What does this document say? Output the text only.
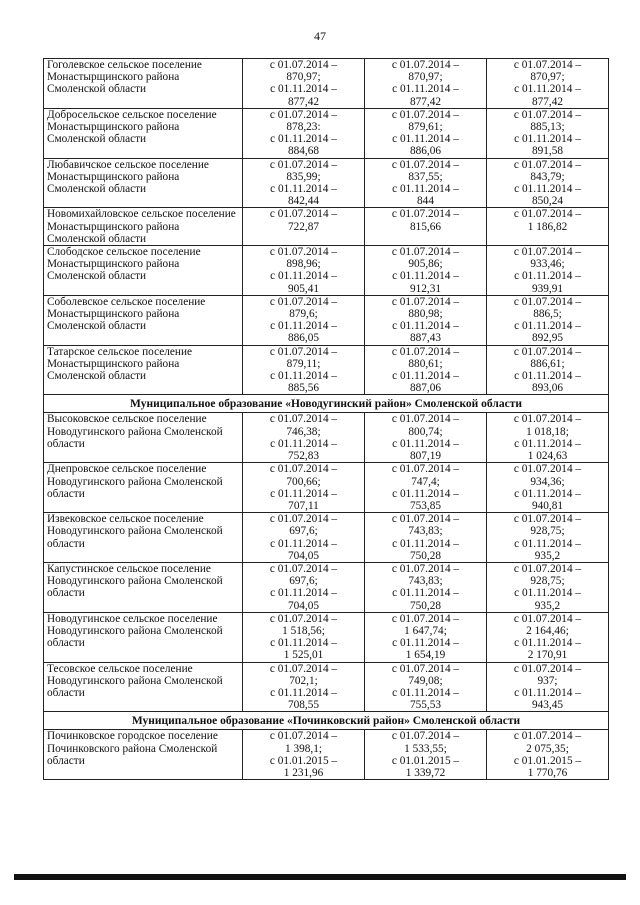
47
Гоголевское сельское поселение Монастырщинского района Смоленской области	с 01.07.2014 –
870,97;
с 01.11.2014 –
877,42	с 01.07.2014 –
870,97;
с 01.11.2014 –
877,42	с 01.07.2014 –
870,97;
с 01.11.2014 –
877,42

Добросельское сельское поселение Монастырщинского района Смоленской области	с 01.07.2014 –
878,23:
с 01.11.2014 –
884,68	с 01.07.2014 –
879,61;
с 01.11.2014 –
886,06	с 01.07.2014 –
885,13;
с 01.11.2014 –
891,58

Любавичское сельское поселение Монастырщинского района Смоленской области	с 01.07.2014 –
835,99;
с 01.11.2014 –
842,44	с 01.07.2014 –
837,55;
с 01.11.2014 –
844	с 01.07.2014 –
843,79;
с 01.11.2014 –
850,24

Новомихайловское сельское поселение Монастырщинского района Смоленской области	с 01.07.2014 –
722,87	с 01.07.2014 –
815,66	с 01.07.2014 –
1 186,82

Слободское сельское поселение Монастырщинского района Смоленской области	с 01.07.2014 –
898,96;
с 01.11.2014 –
905,41	с 01.07.2014 –
905,86;
с 01.11.2014 –
912,31	с 01.07.2014 –
933,46;
с 01.11.2014 –
939,91

Соболевское сельское поселение Монастырщинского района Смоленской области	с 01.07.2014 –
879,6;
с 01.11.2014 –
886,05	с 01.07.2014 –
880,98;
с 01.11.2014 –
887,43	с 01.07.2014 –
886,5;
с 01.11.2014 –
892,95

Татарское сельское поселение Монастырщинского района Смоленской области	с 01.07.2014 –
879,11;
с 01.11.2014 –
885,56	с 01.07.2014 –
880,61;
с 01.11.2014 –
887,06	с 01.07.2014 –
886,61;
с 01.11.2014 –
893,06

Муниципальное образование «Новодугинский район» Смоленской области			
Высоковское сельское поселение Новодугинского района Смоленской области	с 01.07.2014 –
746,38;
с 01.11.2014 –
752,83	с 01.07.2014 –
800,74;
с 01.11.2014 –
807,19	с 01.07.2014 –
1 018,18;
с 01.11.2014 –
1 024,63

Днепровское сельское поселение Новодугинского района Смоленской области	с 01.07.2014 –
700,66;
с 01.11.2014 –
707,11	с 01.07.2014 –
747,4;
с 01.11.2014 –
753,85	с 01.07.2014 –
934,36;
с 01.11.2014 –
940,81

Извековское сельское поселение Новодугинского района Смоленской области	с 01.07.2014 –
697,6;
с 01.11.2014 –
704,05	с 01.07.2014 –
743,83;
с 01.11.2014 –
750,28	с 01.07.2014 –
928,75;
с 01.11.2014 –
935,2

Капустинское сельское поселение Новодугинского района Смоленской области	с 01.07.2014 –
697,6;
с 01.11.2014 –
704,05	с 01.07.2014 –
743,83;
с 01.11.2014 –
750,28	с 01.07.2014 –
928,75;
с 01.11.2014 –
935,2

Новодугинское сельское поселение Новодугинского района Смоленской области	с 01.07.2014 –
1 518,56;
с 01.11.2014 –
1 525,01	с 01.07.2014 –
1 647,74;
с 01.11.2014 –
1 654,19	с 01.07.2014 –
2 164,46;
с 01.11.2014 –
2 170,91

Тесовское сельское поселение Новодугинского района Смоленской области	с 01.07.2014 –
702,1;
с 01.11.2014 –
708,55	с 01.07.2014 –
749,08;
с 01.11.2014 –
755,53	с 01.07.2014 –
937;
с 01.11.2014 –
943,45

Муниципальное образование «Починковский район» Смоленской области			
Починковское городское поселение Починковского района Смоленской области	с 01.07.2014 –
1 398,1;
с 01.01.2015 –
1 231,96	с 01.07.2014 –
1 533,55;
с 01.01.2015 –
1 339,72	с 01.07.2014 –
2 075,35;
с 01.01.2015 –
1 770,76
